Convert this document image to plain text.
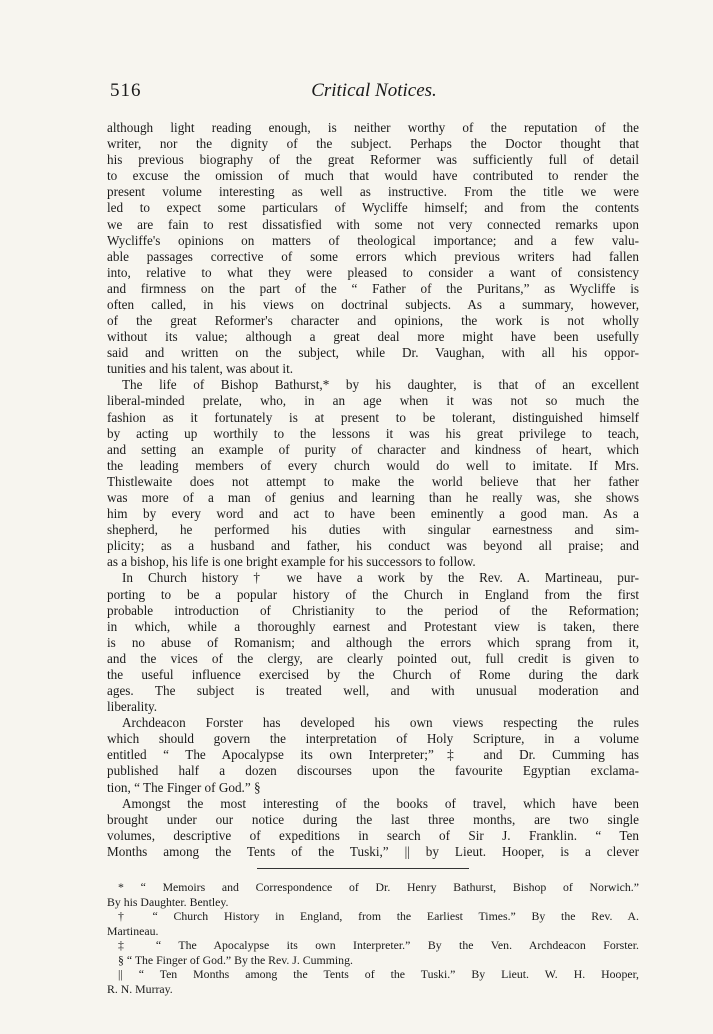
516	Critical Notices.
although light reading enough, is neither worthy of the reputation of the
writer, nor the dignity of the subject. Perhaps the Doctor thought that
his previous biography of the great Reformer was sufficiently full of detail
to excuse the omission of much that would have contributed to render the
present volume interesting as well as instructive. From the title we were
led to expect some particulars of Wycliffe himself; and from the contents
we are fain to rest dissatisfied with some not very connected remarks upon
Wycliffe's opinions on matters of theological importance; and a few valu-
able passages corrective of some errors which previous writers had fallen
into, relative to what they were pleased to consider a want of consistency
and firmness on the part of the “ Father of the Puritans,” as Wycliffe is
often called, in his views on doctrinal subjects. As a summary, however,
of the great Reformer's character and opinions, the work is not wholly
without its value; although a great deal more might have been usefully
said and written on the subject, while Dr. Vaughan, with all his oppor-
tunities and his talent, was about it.
The life of Bishop Bathurst,* by his daughter, is that of an excellent
liberal-minded prelate, who, in an age when it was not so much the
fashion as it fortunately is at present to be tolerant, distinguished himself
by acting up worthily to the lessons it was his great privilege to teach,
and setting an example of purity of character and kindness of heart, which
the leading members of every church would do well to imitate. If Mrs.
Thistlewaite does not attempt to make the world believe that her father
was more of a man of genius and learning than he really was, she shows
him by every word and act to have been eminently a good man. As a
shepherd, he performed his duties with singular earnestness and sim-
plicity; as a husband and father, his conduct was beyond all praise; and
as a bishop, his life is one bright example for his successors to follow.
In Church history † we have a work by the Rev. A. Martineau, pur-
porting to be a popular history of the Church in England from the first
probable introduction of Christianity to the period of the Reformation;
in which, while a thoroughly earnest and Protestant view is taken, there
is no abuse of Romanism; and although the errors which sprang from it,
and the vices of the clergy, are clearly pointed out, full credit is given to
the useful influence exercised by the Church of Rome during the dark
ages. The subject is treated well, and with unusual moderation and
liberality.
Archdeacon Forster has developed his own views respecting the rules
which should govern the interpretation of Holy Scripture, in a volume
entitled “ The Apocalypse its own Interpreter;”‡ and Dr. Cumming has
published half a dozen discourses upon the favourite Egyptian exclama-
tion, “ The Finger of God.” §
Amongst the most interesting of the books of travel, which have been
brought under our notice during the last three months, are two single
volumes, descriptive of expeditions in search of Sir J. Franklin. “ Ten
Months among the Tents of the Tuski,” || by Lieut. Hooper, is a clever
* “ Memoirs and Correspondence of Dr. Henry Bathurst, Bishop of Norwich.”
By his Daughter. Bentley.
† “ Church History in England, from the Earliest Times.” By the Rev. A.
Martineau.
‡ “ The Apocalypse its own Interpreter.” By the Ven. Archdeacon Forster.
§ “ The Finger of God.” By the Rev. J. Cumming.
|| “ Ten Months among the Tents of the Tuski.” By Lieut. W. H. Hooper,
R. N. Murray.
